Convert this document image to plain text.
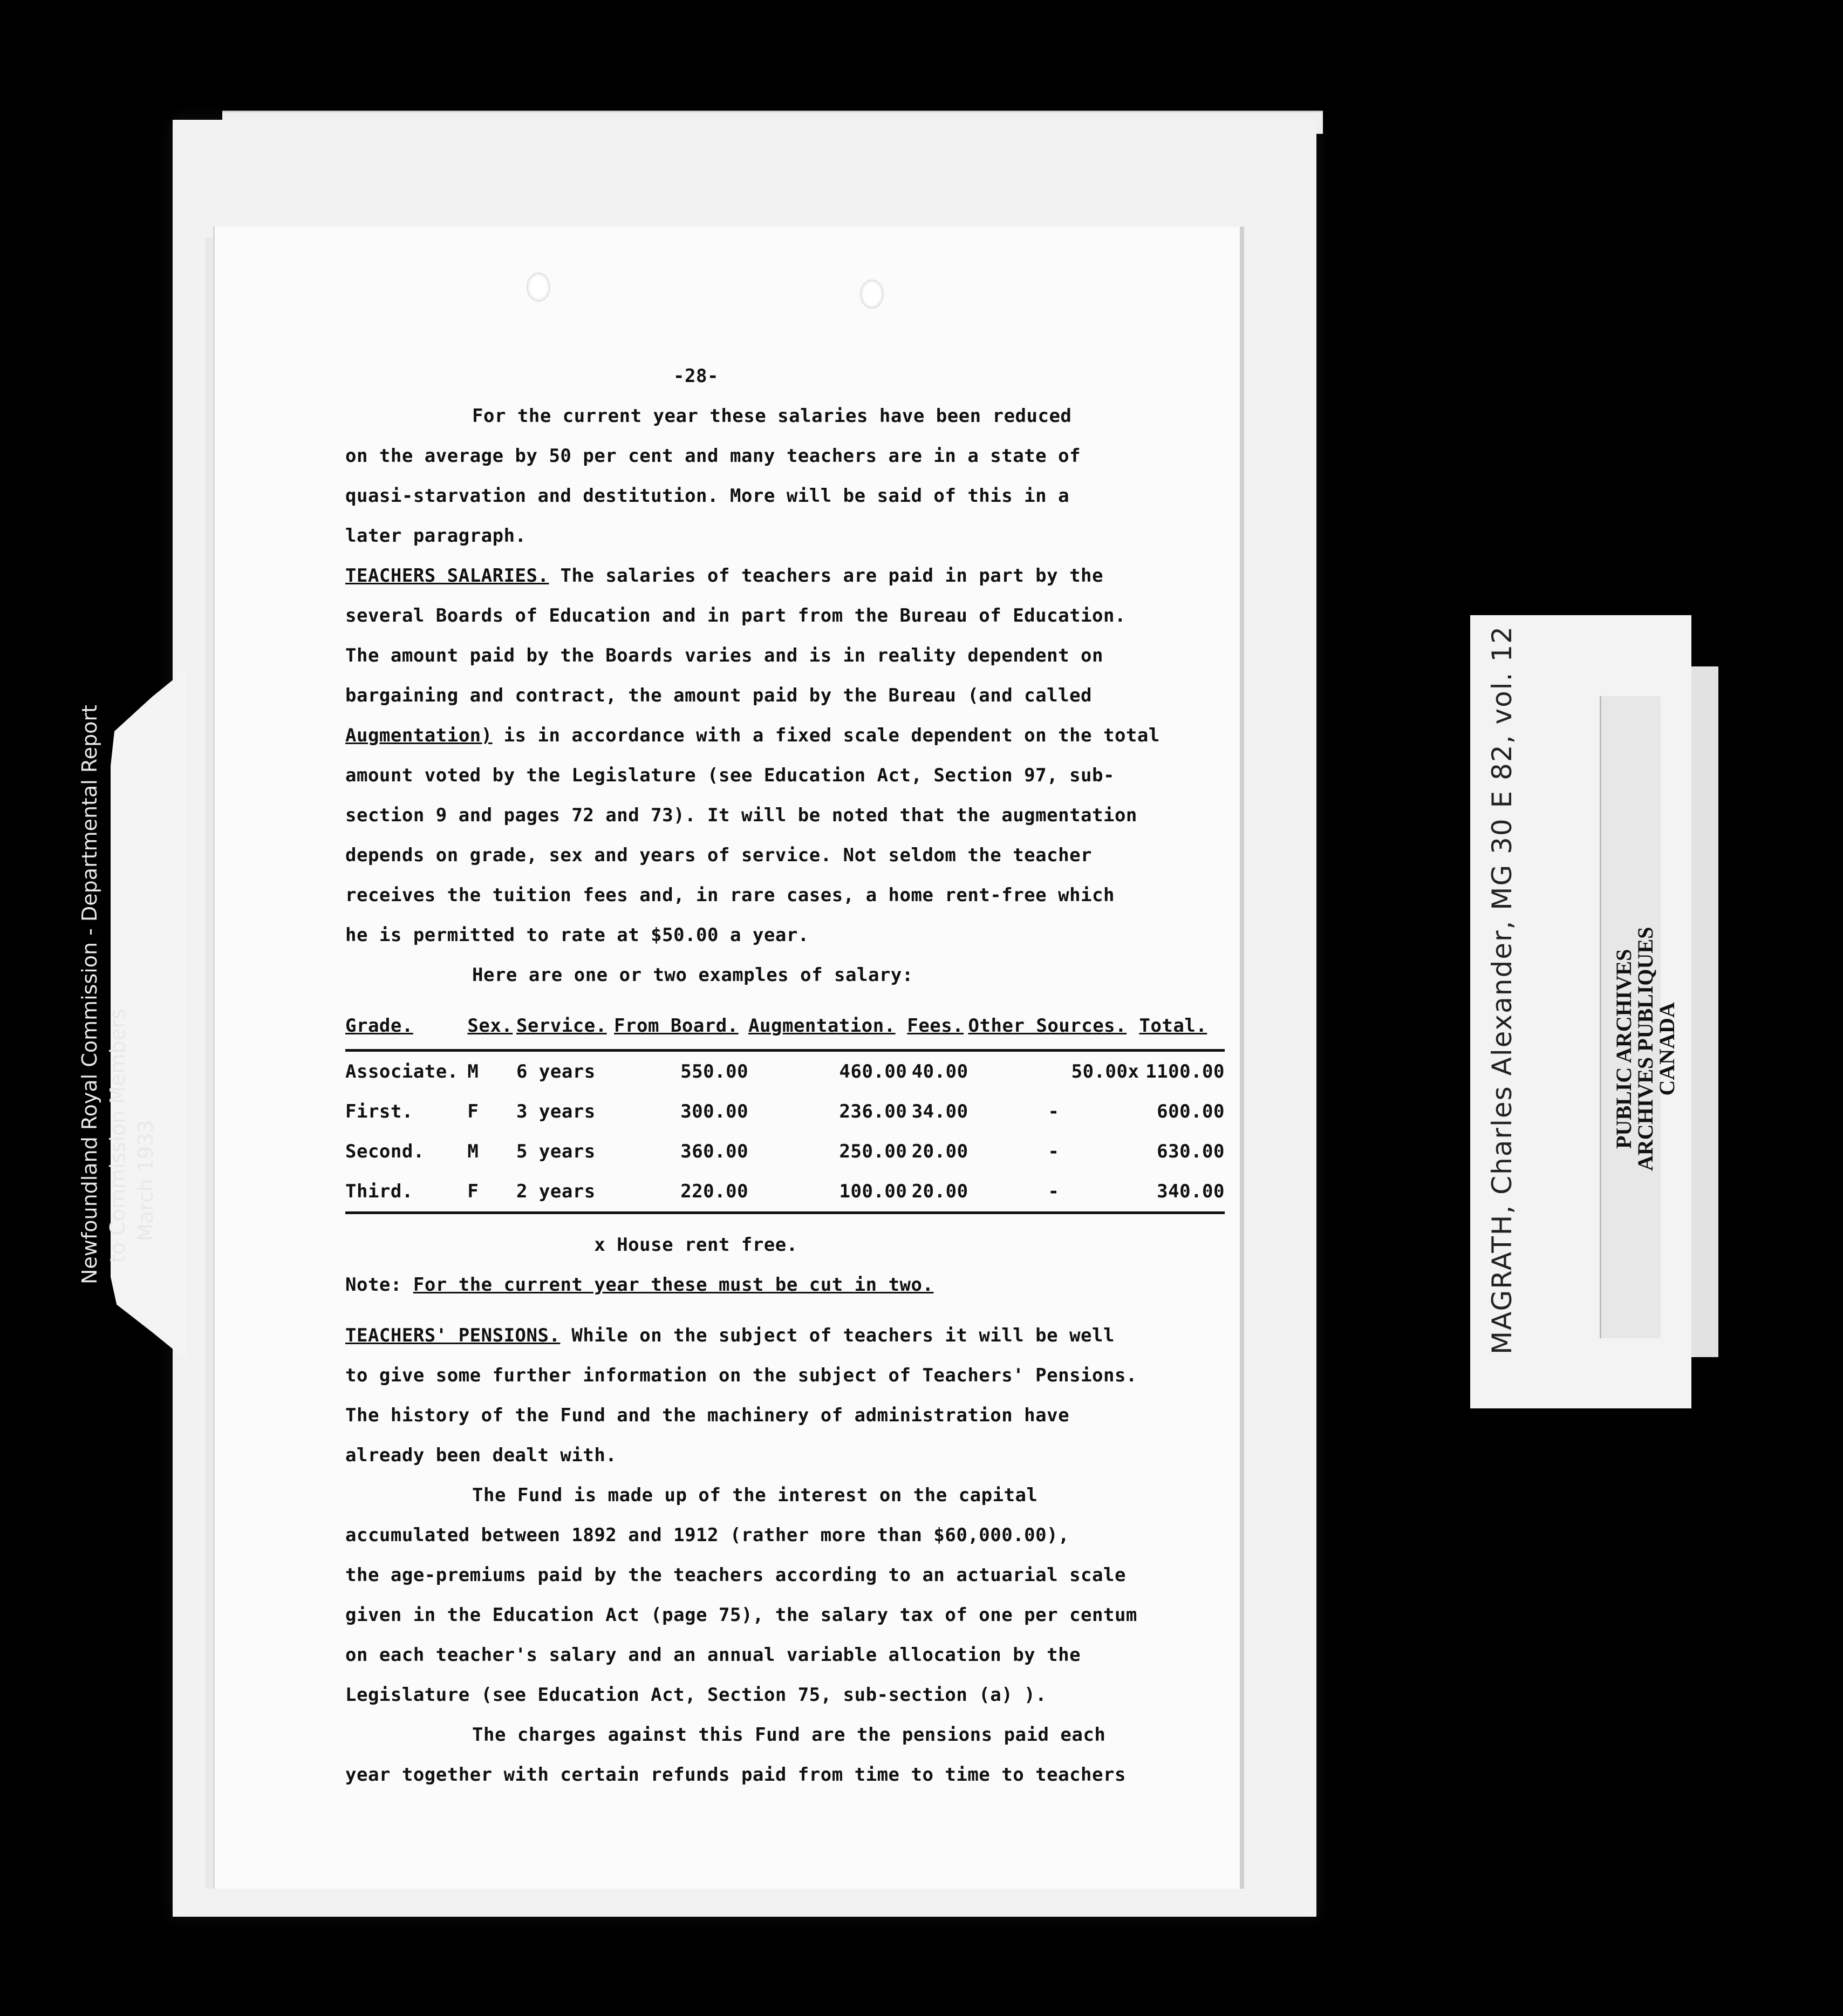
-28-

For the current year these salaries have been reduced

on the average by 50 per cent and many teachers are in a state of

quasi-starvation and destitution. More will be said of this in a

later paragraph.

TEACHERS SALARIES. The salaries of teachers are paid in part by the

several Boards of Education and in part from the Bureau of Education.

The amount paid by the Boards varies and is in reality dependent on

bargaining and contract, the amount paid by the Bureau (and called

Augmentation) is in accordance with a fixed scale dependent on the total

amount voted by the Legislature (see Education Act, Section 97, sub-

section 9 and pages 72 and 73). It will be noted that the augmentation

depends on grade, sex and years of service. Not seldom the teacher

receives the tuition fees and, in rare cases, a home rent-free which

he is permitted to rate at $50.00 a year.

Here are one or two examples of salary:

Grade.	Sex.	Service.	From Board.	Augmentation.	Fees.	Other Sources.	Total.
Associate.	M	6 years	550.00	460.00	40.00	50.00x	1100.00
First.	F	3 years	300.00	236.00	34.00	-	600.00
Second.	M	5 years	360.00	250.00	20.00	-	630.00
Third.	F	2 years	220.00	100.00	20.00	-	340.00
x House rent free.

Note: For the current year these must be cut in two.

TEACHERS' PENSIONS. While on the subject of teachers it will be well

to give some further information on the subject of Teachers' Pensions.

The history of the Fund and the machinery of administration have

already been dealt with.

The Fund is made up of the interest on the capital

accumulated between 1892 and 1912 (rather more than $60,000.00),

the age-premiums paid by the teachers according to an actuarial scale

given in the Education Act (page 75), the salary tax of one per centum

on each teacher's salary and an annual variable allocation by the

Legislature (see Education Act, Section 75, sub-section (a) ).

The charges against this Fund are the pensions paid each

year together with certain refunds paid from time to time to teachers

Newfoundland Royal Commission - Departmental Report to Commission Members March 1933	MAGRATH, Charles Alexander, MG 30 E 82, vol. 12	PUBLIC ARCHIVES
ARCHIVES PUBLIQUES
CANADA
